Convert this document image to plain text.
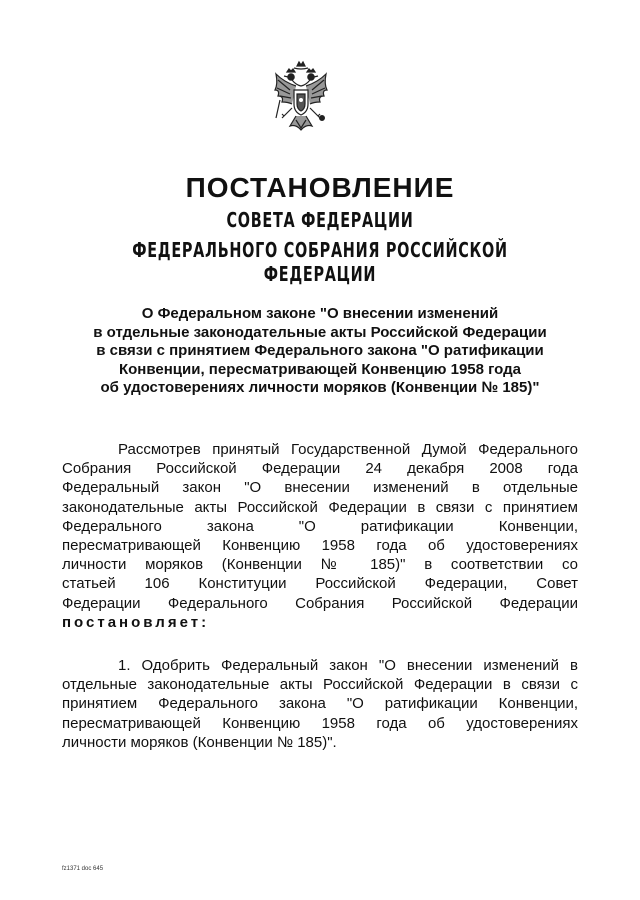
ПОСТАНОВЛЕНИЕ
СОВЕТА ФЕДЕРАЦИИ
ФЕДЕРАЛЬНОГО СОБРАНИЯ РОССИЙСКОЙ ФЕДЕРАЦИИ
О Федеральном законе "О внесении изменений
в отдельные законодательные акты Российской Федерации
в связи с принятием Федерального закона "О ратификации
Конвенции, пересматривающей Конвенцию 1958 года
об удостоверениях личности моряков (Конвенции № 185)"
Рассмотрев принятый Государственной Думой Федерального
Собрания Российской Федерации 24 декабря 2008 года
Федеральный закон "О внесении изменений в отдельные
законодательные акты Российской Федерации в связи с принятием
Федерального закона "О ратификации Конвенции,
пересматривающей Конвенцию 1958 года об удостоверениях
личности моряков (Конвенции № 185)" в соответствии со
статьей 106 Конституции Российской Федерации, Совет
Федерации Федерального Собрания Российской Федерации
постановляет:
1. Одобрить Федеральный закон "О внесении изменений в
отдельные законодательные акты Российской Федерации в связи с
принятием Федерального закона "О ратификации Конвенции,
пересматривающей Конвенцию 1958 года об удостоверениях
личности моряков (Конвенции № 185)".
fz1371 doc 645
